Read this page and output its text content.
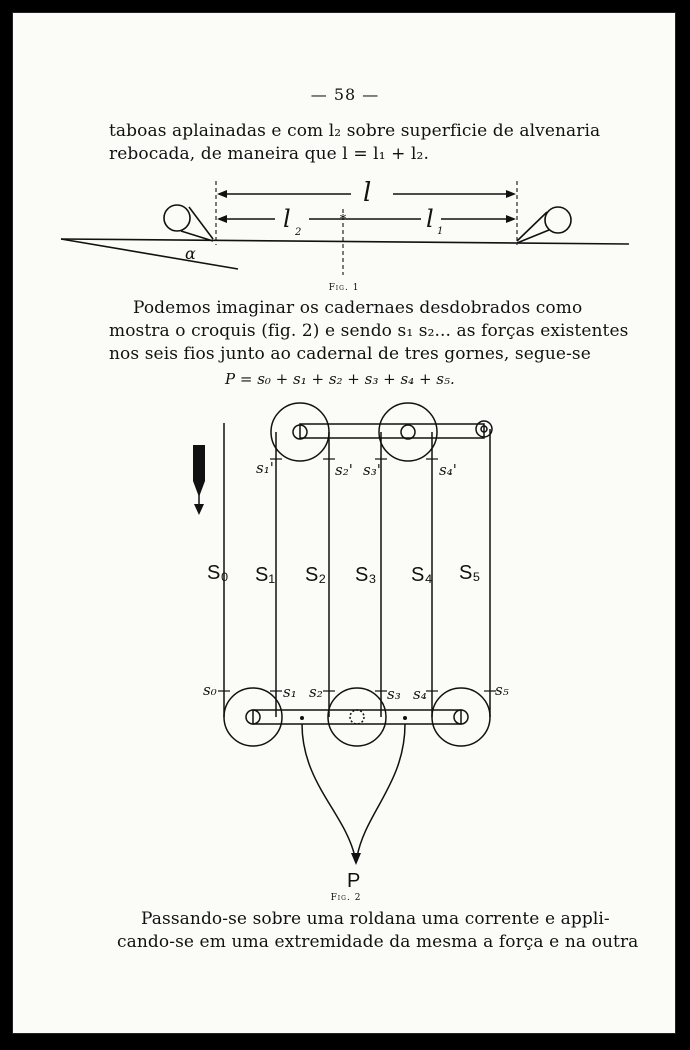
— 58 —
taboas aplainadas e com l₂ sobre superficie de alvenaria
rebocada, de maneira que l = l₁ + l₂.
*
l
l 2	l 1
α
Fig. 1
Podemos imaginar os cadernaes desdobrados como
mostra o croquis (fig. 2) e sendo s₁ s₂... as forças existentes
nos seis fios junto ao cadernal de tres gornes, segue-se
P = s₀ + s₁ + s₂ + s₃ + s₄ + s₅.
s₁'	s₂' s₃'	s₄'
S₀ S₁ S₂ S₃ S₄ S₅
s₀	s₁ s₂	s₃ s₄	s₅
P
Fig. 2
Passando-se sobre uma roldana uma corrente e appli-
cando-se em uma extremidade da mesma a força e na outra
